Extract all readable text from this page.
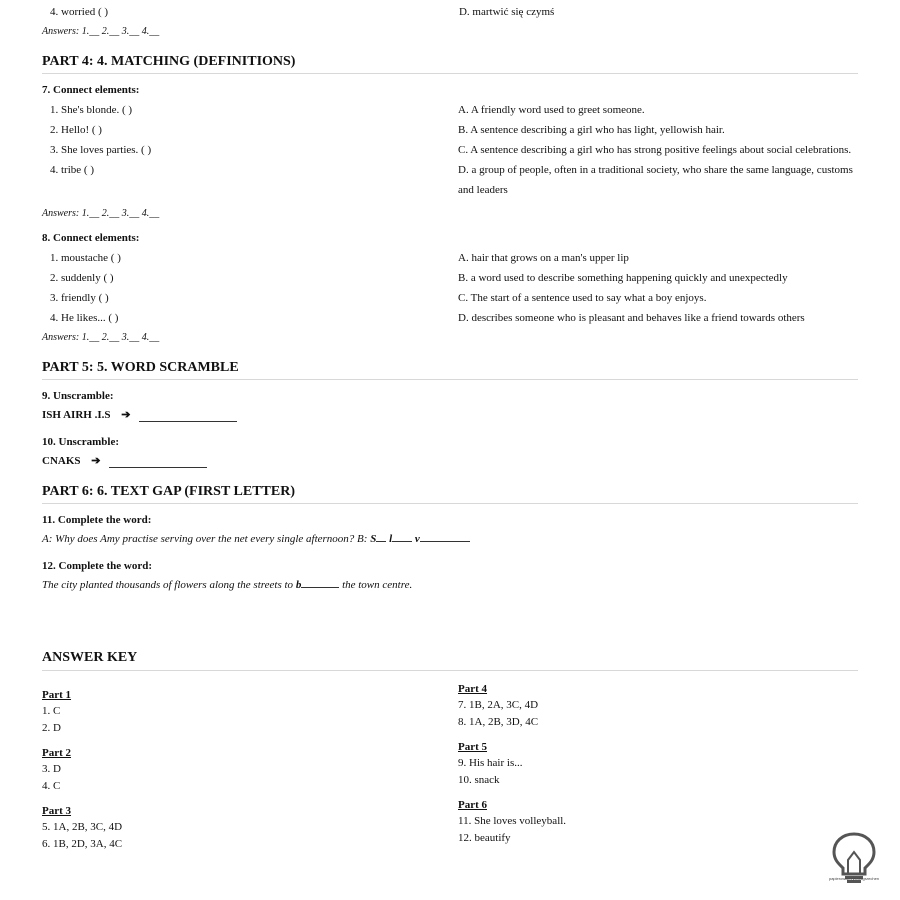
4. worried ( )	D. martwić się czymś
Answers: 1.__ 2.__ 3.__ 4.__
PART 4: 4. MATCHING (DEFINITIONS)
7. Connect elements:
1. She's blonde. ( )
2. Hello! ( )
3. She loves parties. ( )
4. tribe ( )
A. A friendly word used to greet someone.
B. A sentence describing a girl who has light, yellowish hair.
C. A sentence describing a girl who has strong positive feelings about social celebrations.
D. a group of people, often in a traditional society, who share the same language, customs and leaders
Answers: 1.__ 2.__ 3.__ 4.__
8. Connect elements:
1. moustache ( )
2. suddenly ( )
3. friendly ( )
4. He likes... ( )
A. hair that grows on a man's upper lip
B. a word used to describe something happening quickly and unexpectedly
C. The start of a sentence used to say what a boy enjoys.
D. describes someone who is pleasant and behaves like a friend towards others
Answers: 1.__ 2.__ 3.__ 4.__
PART 5: 5. WORD SCRAMBLE
9. Unscramble:
ISH AIRH .I.S ➔
10. Unscramble:
CNAKS ➔
PART 6: 6. TEXT GAP (FIRST LETTER)
11. Complete the word:
A: Why does Amy practise serving over the net every single afternoon? B: S l v
12. Complete the word:
The city planted thousands of flowers along the streets to b	the town centre.
ANSWER KEY
Part 1
1. C
2. D
Part 2
3. D
4. C
Part 3
5. 1A, 2B, 3C, 4D
6. 1B, 2D, 3A, 4C
Part 4
7. 1B, 2A, 3C, 4D
8. 1A, 2B, 3D, 4C
Part 5
9. His hair is...
10. snack
Part 6
11. She loves volleyball.
12. beautify
papierowajezykalisgrzechen
